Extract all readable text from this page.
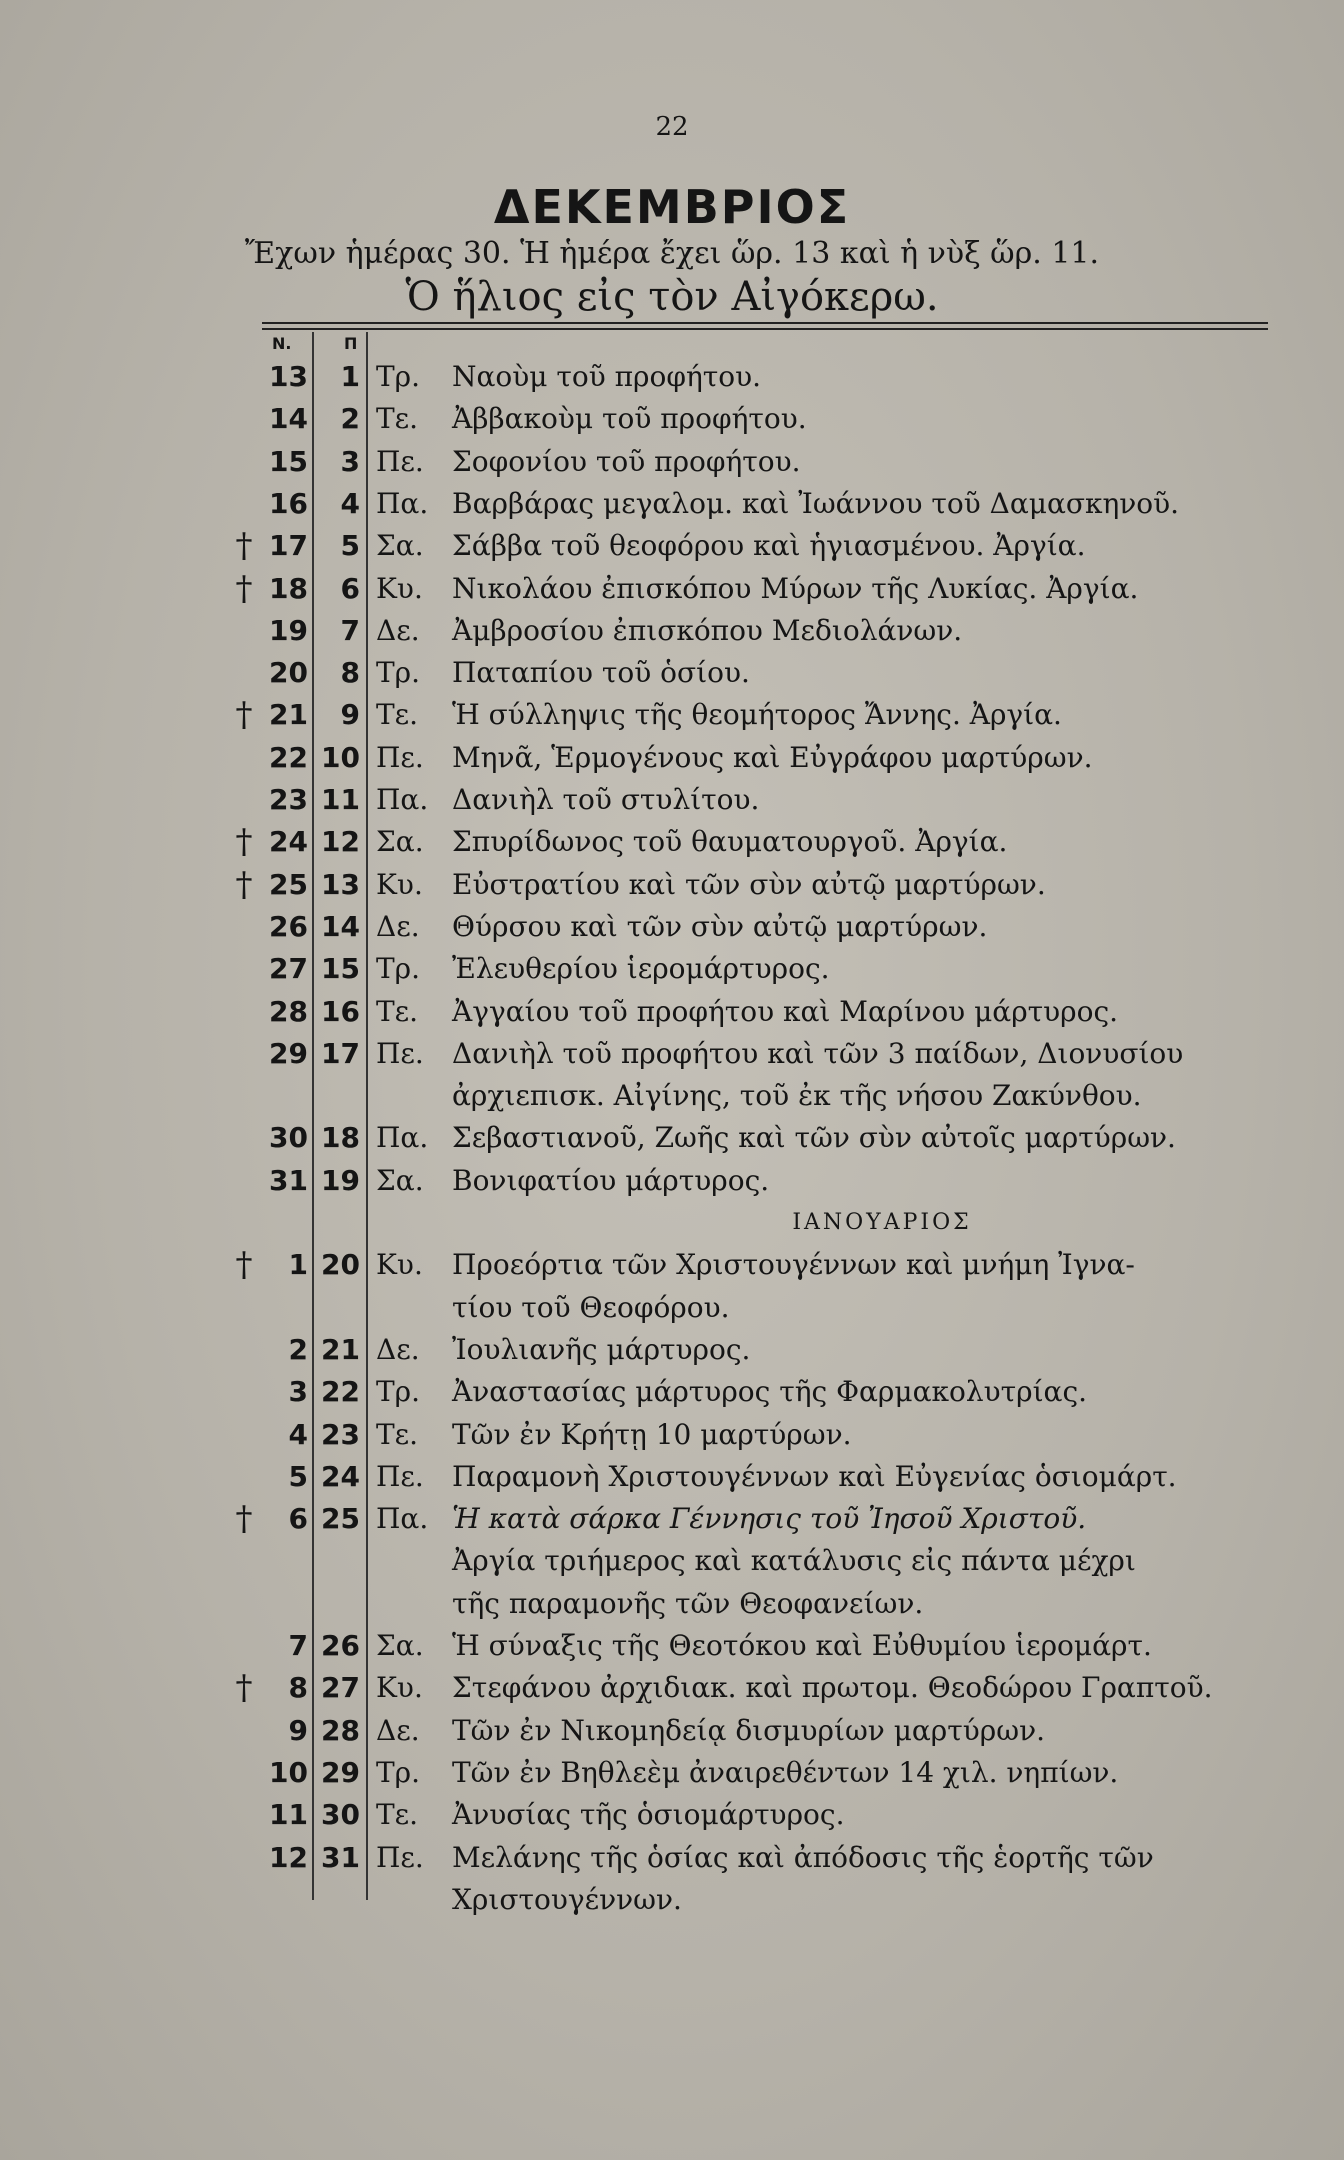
22
ΔΕΚΕΜΒΡΙΟΣ
Ἔχων ἡμέρας 30. Ἡ ἡμέρα ἔχει ὥρ. 13 καὶ ἡ νὺξ ὥρ. 11.
Ὁ ἥλιος εἰς τὸν Αἰγόκερω.
Ν.	Π
13	1 Τρ. Ναοὺμ τοῦ προφήτου.
14	2 Τε. Ἀββακοὺμ τοῦ προφήτου.
15	3 Πε. Σοφονίου τοῦ προφήτου.
16	4 Πα. Βαρβάρας μεγαλομ. καὶ Ἰωάννου τοῦ Δαμασκηνοῦ.
† 17	5 Σα. Σάββα τοῦ θεοφόρου καὶ ἡγιασμένου. Ἀργία.
† 18	6 Κυ. Νικολάου ἐπισκόπου Μύρων τῆς Λυκίας. Ἀργία.
19	7 Δε. Ἀμβροσίου ἐπισκόπου Μεδιολάνων.
20	8 Τρ. Παταπίου τοῦ ὁσίου.
† 21	9 Τε. Ἡ σύλληψις τῆς θεομήτορος Ἄννης. Ἀργία.
22 10 Πε. Μηνᾶ, Ἑρμογένους καὶ Εὐγράφου μαρτύρων.
23 11 Πα. Δανιὴλ τοῦ στυλίτου.
† 24 12 Σα. Σπυρίδωνος τοῦ θαυματουργοῦ. Ἀργία.
† 25 13 Κυ. Εὐστρατίου καὶ τῶν σὺν αὐτῷ μαρτύρων.
26 14 Δε. Θύρσου καὶ τῶν σὺν αὐτῷ μαρτύρων.
27 15 Τρ. Ἐλευθερίου ἱερομάρτυρος.
28 16 Τε. Ἀγγαίου τοῦ προφήτου καὶ Μαρίνου μάρτυρος.
29 17 Πε. Δανιὴλ τοῦ προφήτου καὶ τῶν 3 παίδων, Διονυσίου
ἀρχιεπισκ. Αἰγίνης, τοῦ ἐκ τῆς νήσου Ζακύνθου.
30 18 Πα. Σεβαστιανοῦ, Ζωῆς καὶ τῶν σὺν αὐτοῖς μαρτύρων.
31 19 Σα. Βονιφατίου μάρτυρος.
ΙΑΝΟΥΑΡΙΟΣ
†	1 20 Κυ. Προεόρτια τῶν Χριστουγέννων καὶ μνήμη Ἰγνα-
τίου τοῦ Θεοφόρου.
2 21 Δε. Ἰουλιανῆς μάρτυρος.
3 22 Τρ. Ἀναστασίας μάρτυρος τῆς Φαρμακολυτρίας.
4 23 Τε. Τῶν ἐν Κρήτῃ 10 μαρτύρων.
5 24 Πε. Παραμονὴ Χριστουγέννων καὶ Εὐγενίας ὁσιομάρτ.
†	6 25 Πα. Ἡ κατὰ σάρκα Γέννησις τοῦ Ἰησοῦ Χριστοῦ.
Ἀργία τριήμερος καὶ κατάλυσις εἰς πάντα μέχρι
τῆς παραμονῆς τῶν Θεοφανείων.
7 26 Σα. Ἡ σύναξις τῆς Θεοτόκου καὶ Εὐθυμίου ἱερομάρτ.
†	8 27 Κυ. Στεφάνου ἀρχιδιακ. καὶ πρωτομ. Θεοδώρου Γραπτοῦ.
9 28 Δε. Τῶν ἐν Νικομηδείᾳ δισμυρίων μαρτύρων.
10 29 Τρ. Τῶν ἐν Βηθλεὲμ ἀναιρεθέντων 14 χιλ. νηπίων.
11 30 Τε. Ἀνυσίας τῆς ὁσιομάρτυρος.
12 31 Πε. Μελάνης τῆς ὁσίας καὶ ἀπόδοσις τῆς ἑορτῆς τῶν
Χριστουγέννων.
